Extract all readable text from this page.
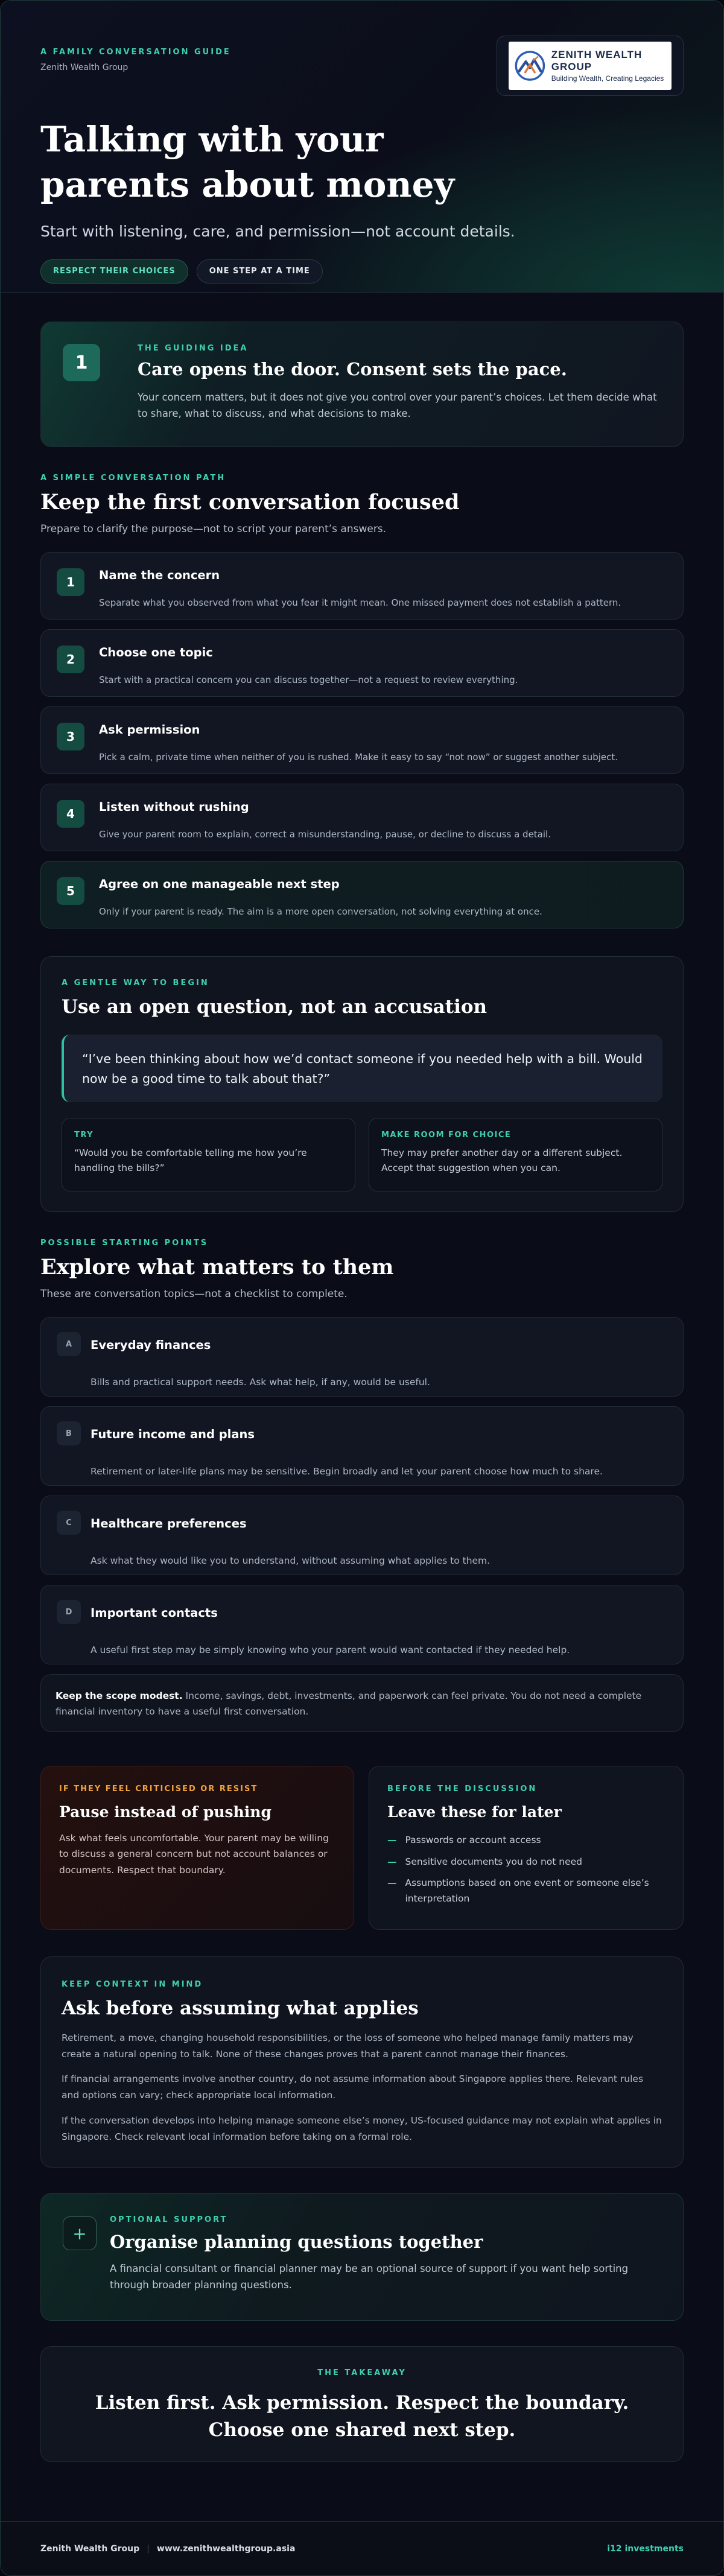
A FAMILY CONVERSATION GUIDE
Zenith Wealth Group
ZENITH WEALTH GROUP
Building Wealth, Creating Legacies
Talking with your parents about money

Start with listening, care, and permission—not account details.

RESPECT THEIR CHOICES	ONE STEP AT A TIME
1
THE GUIDING IDEA
Care opens the door. Consent sets the pace.

Your concern matters, but it does not give you control over your parent’s choices. Let them decide what to share, what to discuss, and what decisions to make.

A SIMPLE CONVERSATION PATH
Keep the first conversation focused

Prepare to clarify the purpose—not to script your parent’s answers.

1	Name the concern

Separate what you observed from what you fear it might mean. One missed payment does not establish a pattern.

2	Choose one topic

Start with a practical concern you can discuss together—not a request to review everything.

3	Ask permission

Pick a calm, private time when neither of you is rushed. Make it easy to say “not now” or suggest another subject.

4	Listen without rushing

Give your parent room to explain, correct a misunderstanding, pause, or decline to discuss a detail.

5	Agree on one manageable next step

Only if your parent is ready. The aim is a more open conversation, not solving everything at once.

A GENTLE WAY TO BEGIN
Use an open question, not an accusation
“I’ve been thinking about how we’d contact someone if you needed help with a bill. Would now be a good time to talk about that?”
TRY

“Would you be comfortable telling me how you’re handling the bills?”

MAKE ROOM FOR CHOICE

They may prefer another day or a different subject. Accept that suggestion when you can.

POSSIBLE STARTING POINTS
Explore what matters to them

These are conversation topics—not a checklist to complete.

A	Everyday finances

Bills and practical support needs. Ask what help, if any, would be useful.

B	Future income and plans

Retirement or later-life plans may be sensitive. Begin broadly and let your parent choose how much to share.

C	Healthcare preferences

Ask what they would like you to understand, without assuming what applies to them.

D	Important contacts

A useful first step may be simply knowing who your parent would want contacted if they needed help.

Keep the scope modest. Income, savings, debt, investments, and paperwork can feel private. You do not need a complete financial inventory to have a useful first conversation.
IF THEY FEEL CRITICISED OR RESIST
Pause instead of pushing

Ask what feels uncomfortable. Your parent may be willing to discuss a general concern but not account balances or documents. Respect that boundary.

BEFORE THE DISCUSSION
Leave these for later
— Passwords or account access
— Sensitive documents you do not need
— Assumptions based on one event or someone else’s interpretation
KEEP CONTEXT IN MIND
Ask before assuming what applies

Retirement, a move, changing household responsibilities, or the loss of someone who helped manage family matters may create a natural opening to talk. None of these changes proves that a parent cannot manage their finances.

If financial arrangements involve another country, do not assume information about Singapore applies there. Relevant rules and options can vary; check appropriate local information.

If the conversation develops into helping manage someone else’s money, US-focused guidance may not explain what applies in Singapore. Check relevant local information before taking on a formal role.

+
OPTIONAL SUPPORT
Organise planning questions together

A financial consultant or financial planner may be an optional source of support if you want help sorting through broader planning questions.

THE TAKEAWAY
Listen first. Ask permission. Respect the boundary. Choose one shared next step.
Zenith Wealth Group | www.zenithwealthgroup.asia	i12 investments
